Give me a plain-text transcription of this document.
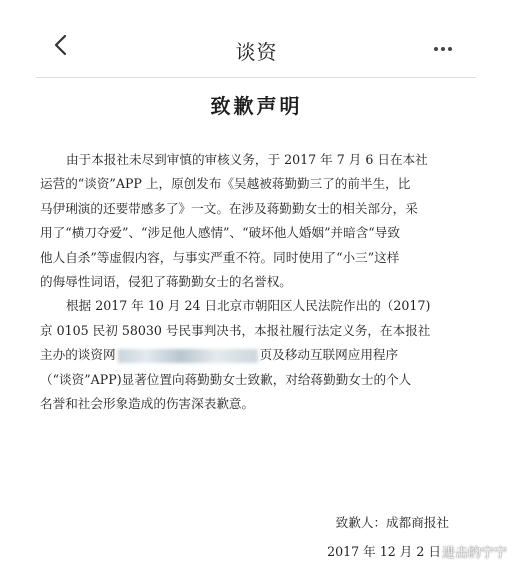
谈资
致歉声明
由于本报社未尽到审慎的审核义务，于 2017 年 7 月 6 日在本社
运营的“谈资”APP 上，原创发布《吴越被蒋勤勤三了的前半生，比
马伊琍演的还要带感多了》一文。在涉及蒋勤勤女士的相关部分，采
用了“横刀夺爱”、“涉足他人感情”、“破坏他人婚姻”并暗含“导致
他人自杀”等虚假内容，与事实严重不符。同时使用了“小三”这样
的侮辱性词语，侵犯了蒋勤勤女士的名誉权。
根据 2017 年 10 月 24 日北京市朝阳区人民法院作出的（2017)
京 0105 民初 58030 号民事判决书，本报社履行法定义务，在本报社
主办的谈资网	页及移动互联网应用程序
（“谈资”APP)显著位置向蒋勤勤女士致歉，对给蒋勤勤女士的个人
名誉和社会形象造成的伤害深表歉意。
致歉人：成都商报社
2017 年 12 月 2 日 进击的宁宁
